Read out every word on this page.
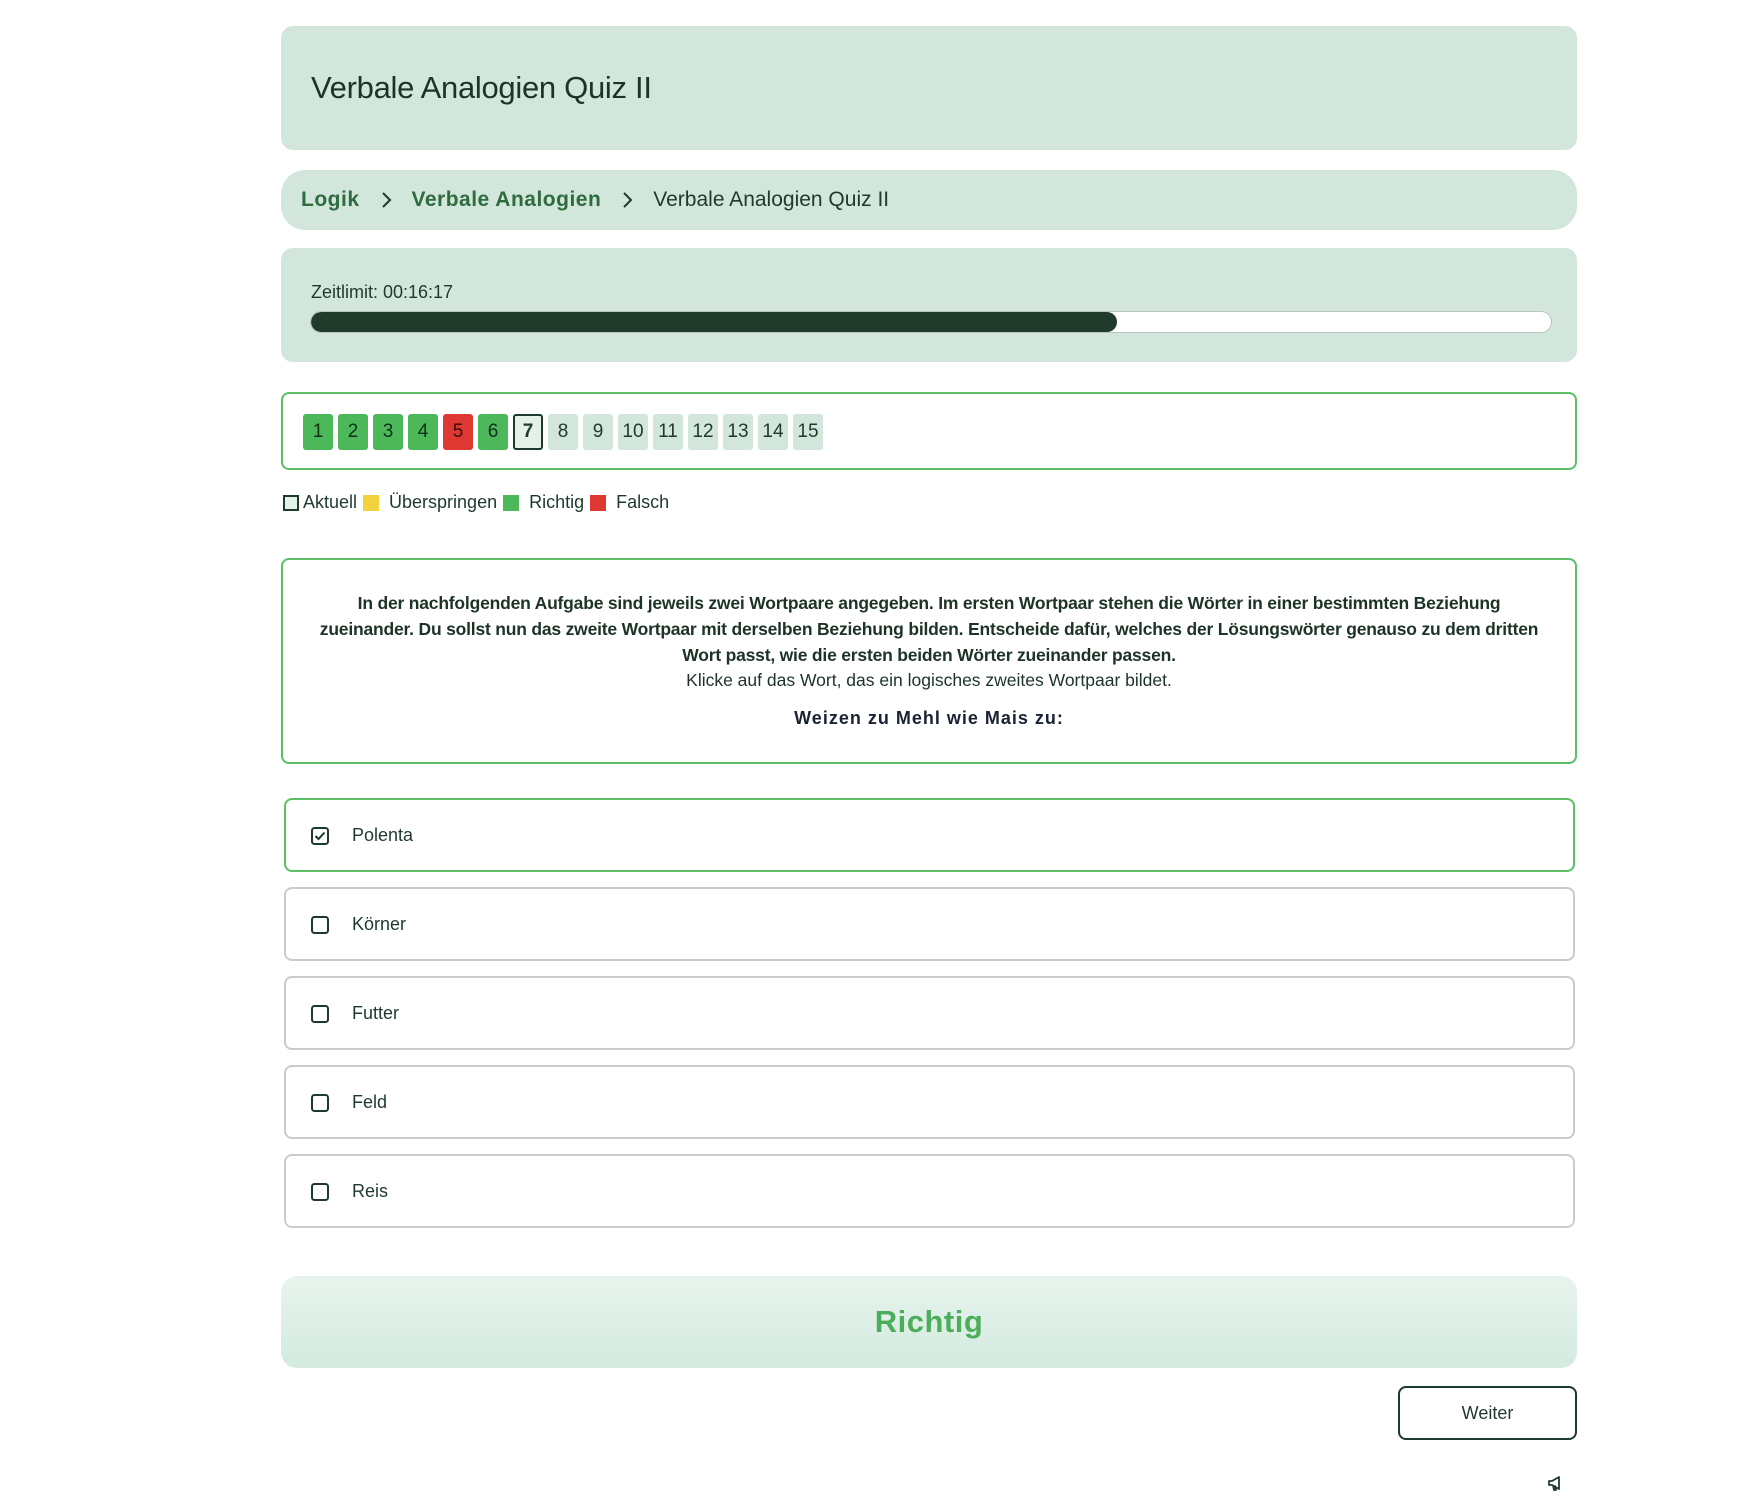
Verbale Analogien Quiz II
Logik Verbale Analogien Verbale Analogien Quiz II
Zeitlimit: 00:16:17
1	2	3	4	5	6	7	8	9	10 11 12 13 14 15
Aktuell Überspringen Richtig Falsch
In der nachfolgenden Aufgabe sind jeweils zwei Wortpaare angegeben. Im ersten Wortpaar stehen die Wörter in einer bestimmten Beziehung zueinander. Du sollst nun das zweite Wortpaar mit derselben Beziehung bilden. Entscheide dafür, welches der Lösungswörter genauso zu dem dritten Wort passt, wie die ersten beiden Wörter zueinander passen.
Klicke auf das Wort, das ein logisches zweites Wortpaar bildet.
Weizen zu Mehl wie Mais zu:
Polenta
Körner
Futter
Feld
Reis
Richtig
Weiter
